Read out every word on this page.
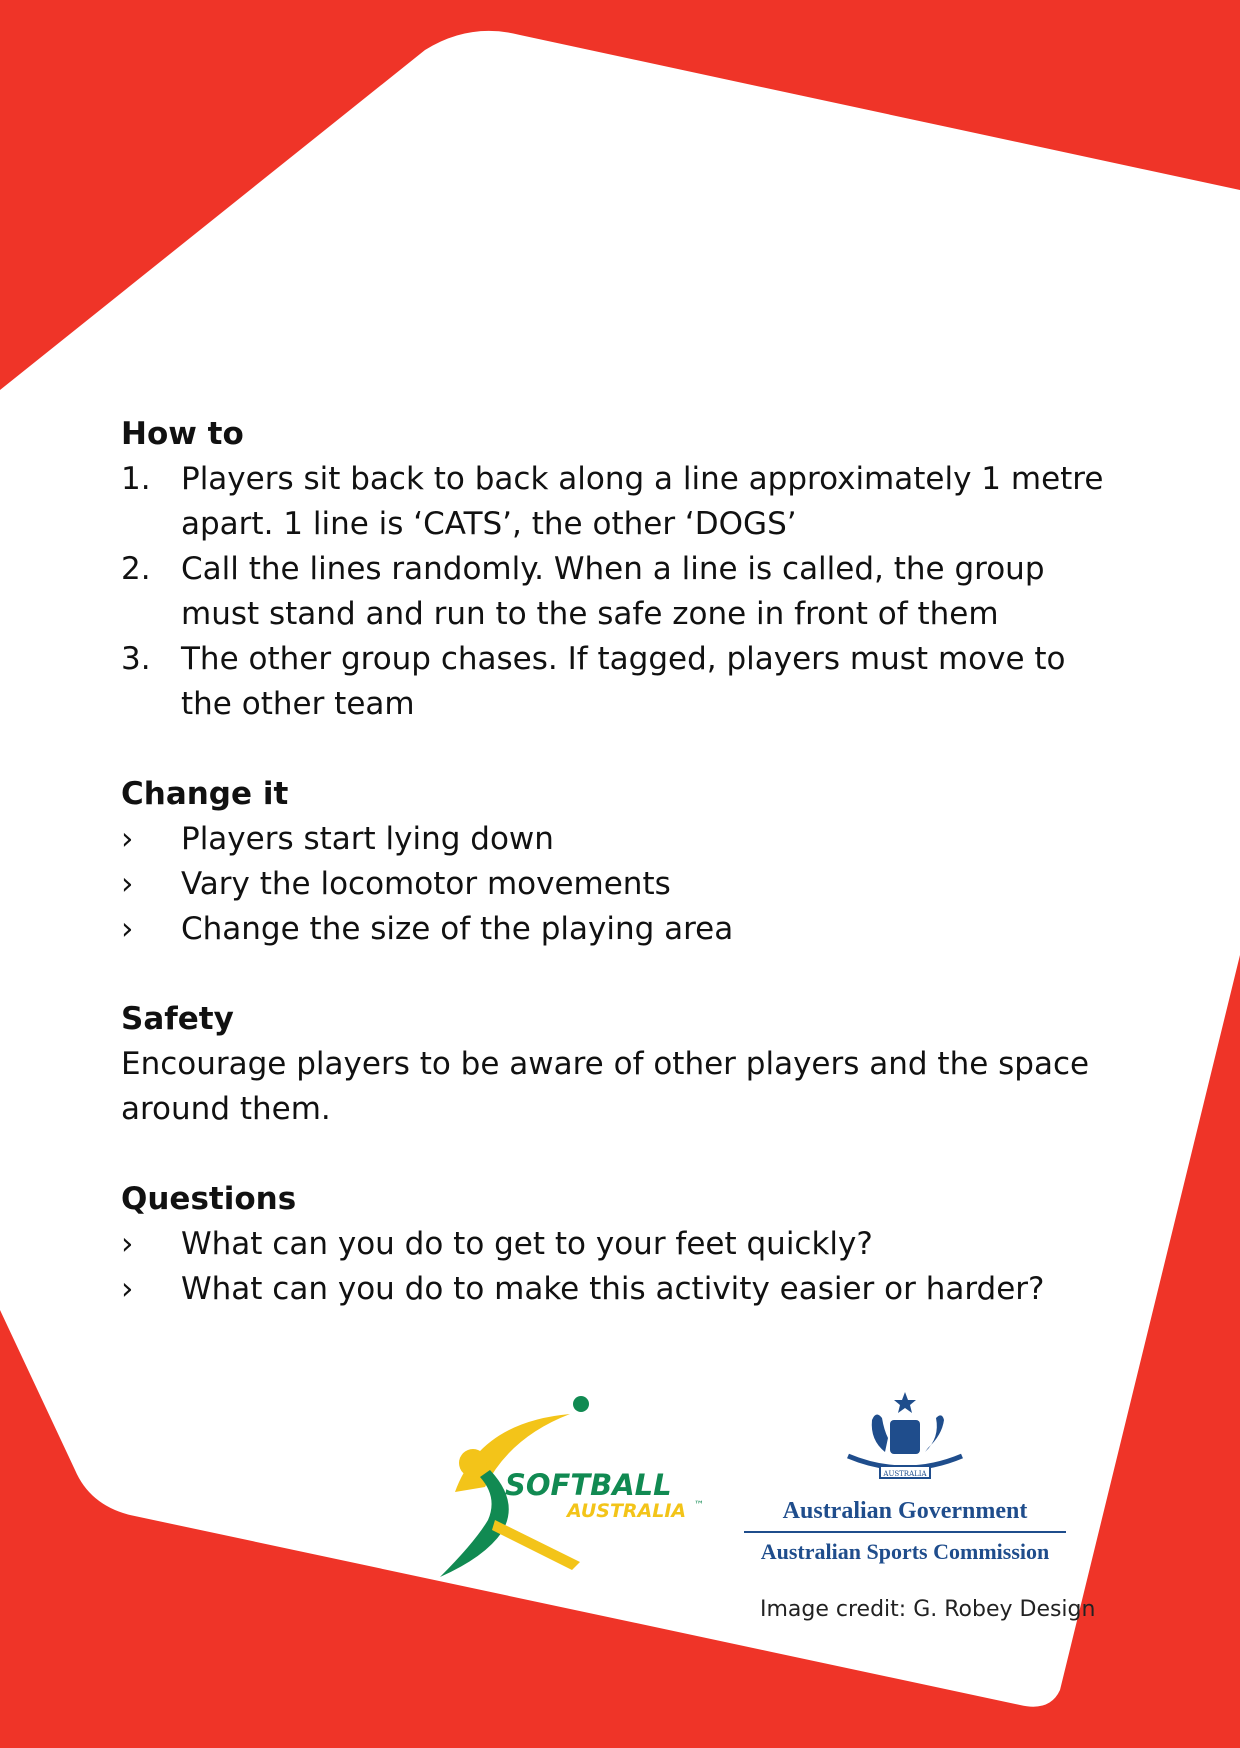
How to
1. Players sit back to back along a line approximately 1 metre apart. 1 line is ‘CATS’, the other ‘DOGS’
2. Call the lines randomly. When a line is called, the group must stand and run to the safe zone in front of them
3. The other group chases. If tagged, players must move to the other team
Change it
›	Players start lying down
›	Vary the locomotor movements
›	Change the size of the playing area
Safety

Encourage players to be aware of other players and the space around them.

Questions
›	What can you do to get to your feet quickly?
›	What can you do to make this activity easier or harder?
SOFTBALL
AUSTRALIA ™
AUSTRALIA
Australian Government
Australian Sports Commission
Image credit: G. Robey Design
